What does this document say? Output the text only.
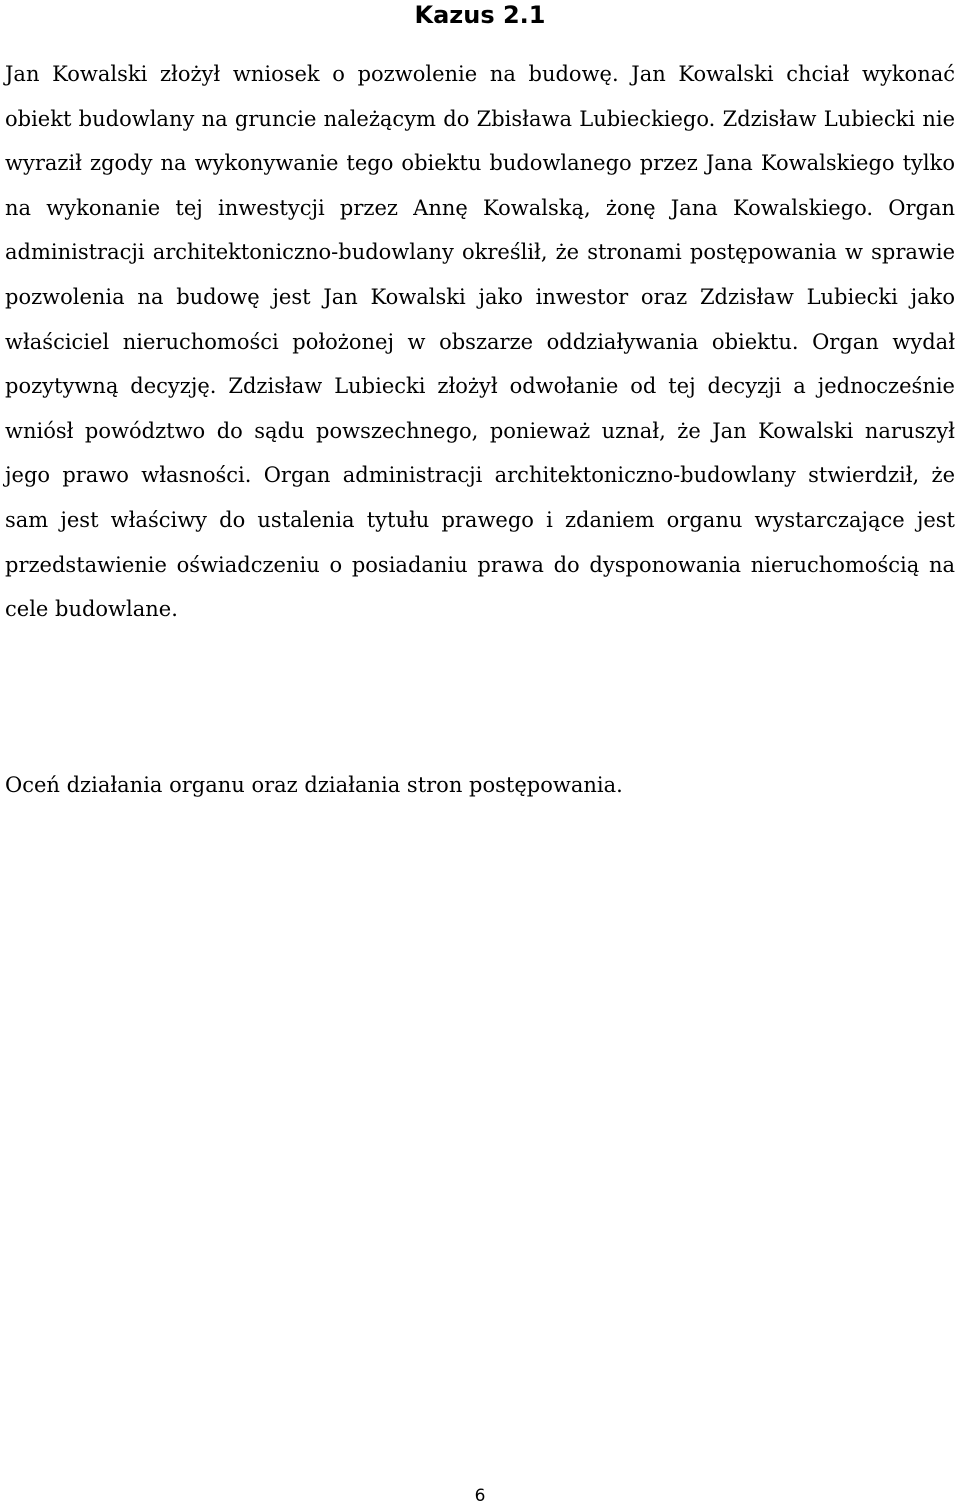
Kazus 2.1

Jan Kowalski złożył wniosek o pozwolenie na budowę. Jan Kowalski chciał wykonać obiekt budowlany na gruncie należącym do Zbisława Lubieckiego. Zdzisław Lubiecki nie wyraził zgody na wykonywanie tego obiektu budowlanego przez Jana Kowalskiego tylko na wykonanie tej inwestycji przez Annę Kowalską, żonę Jana Kowalskiego. Organ administracji architektoniczno-budowlany określił, że stronami postępowania w sprawie pozwolenia na budowę jest Jan Kowalski jako inwestor oraz Zdzisław Lubiecki jako właściciel nieruchomości położonej w obszarze oddziaływania obiektu. Organ wydał pozytywną decyzję. Zdzisław Lubiecki złożył odwołanie od tej decyzji a jednocześnie wniósł powództwo do sądu powszechnego, ponieważ uznał, że Jan Kowalski naruszył jego prawo własności. Organ administracji architektoniczno-budowlany stwierdził, że sam jest właściwy do ustalenia tytułu prawego i zdaniem organu wystarczające jest przedstawienie oświadczeniu o posiadaniu prawa do dysponowania nieruchomością na cele budowlane.

Oceń działania organu oraz działania stron postępowania.

6
